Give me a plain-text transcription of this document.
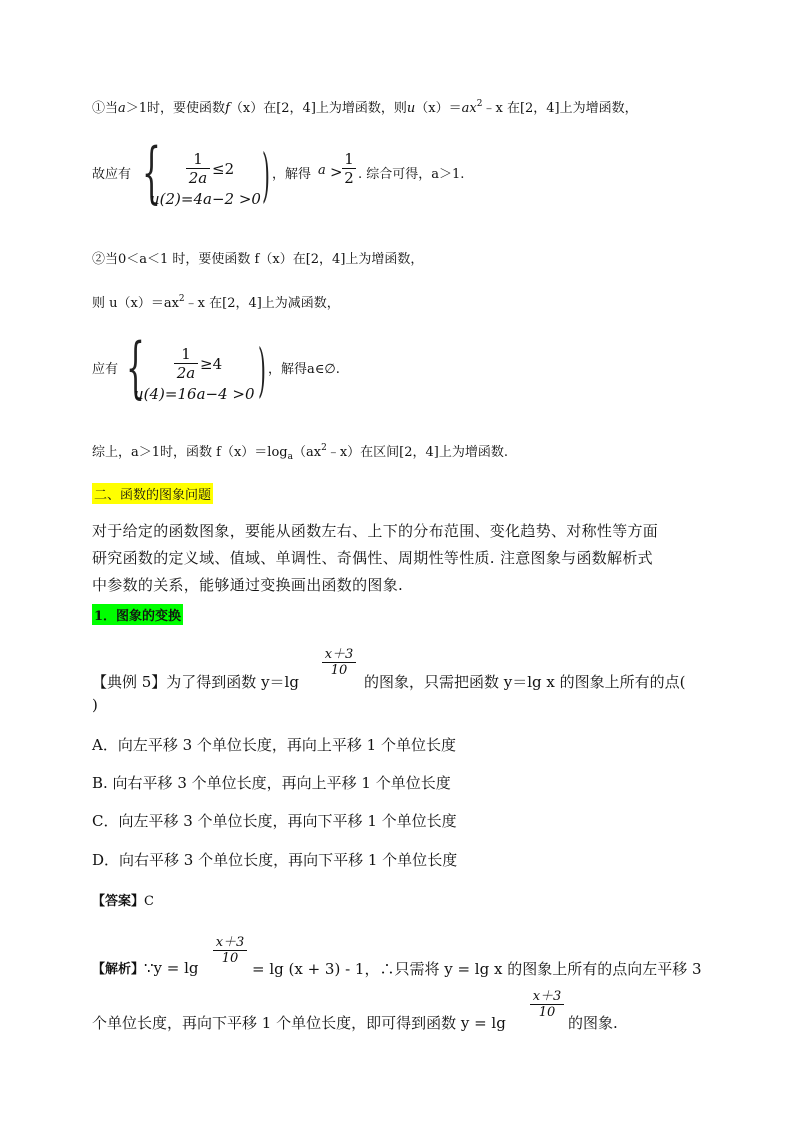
①当a＞1时，要使函数f（x）在[2，4]上为增函数，则$u(x)=ax^2﹣x$ 在[2，4]上为增函数，
故应有 { $\frac{1}{2a} \le 2$
u(2)=4a−2 >0 ) ，解得 $a > \frac{1}{2}$ . 综合可得，a＞1.
②当0＜a＜1 时，要使函数 f（x）在[2，4]上为增函数，
则 $u(x)=ax^2﹣x$ 在[2，4]上为减函数，
应有 { $\frac{1}{2a} \ge 4$
u(4)=16a−4 >0 ) ，解得a∈∅.
综上，a＞1时，函数 $f(x)=\log_a(ax^2﹣x)$在区间[2，4]上为增函数.
二、函数的图象问题
对于给定的函数图象，要能从函数左右、上下的分布范围、变化趋势、对称性等方面
研究函数的定义域、值域、单调性、奇偶性、周期性等性质. 注意图象与函数解析式
中参数的关系，能够通过变换画出函数的图象.
1．图象的变换
$\frac{x+3}{10}$
【典例 5】为了得到函数 y＝lg	的图象，只需把函数 y＝lg x 的图象上所有的点(
)
A．向左平移 3 个单位长度，再向上平移 1 个单位长度
B. 向右平移 3 个单位长度，再向上平移 1 个单位长度
C．向左平移 3 个单位长度，再向下平移 1 个单位长度
D．向右平移 3 个单位长度，再向下平移 1 个单位长度
【答案】C
$\frac{x+3}{10}$
【解析】∵y = lg	= lg (x + 3) - 1，∴只需将 y = lg x 的图象上所有的点向左平移 3
$\frac{x+3}{10}$
个单位长度，再向下平移 1 个单位长度，即可得到函数 y = lg	的图象.
